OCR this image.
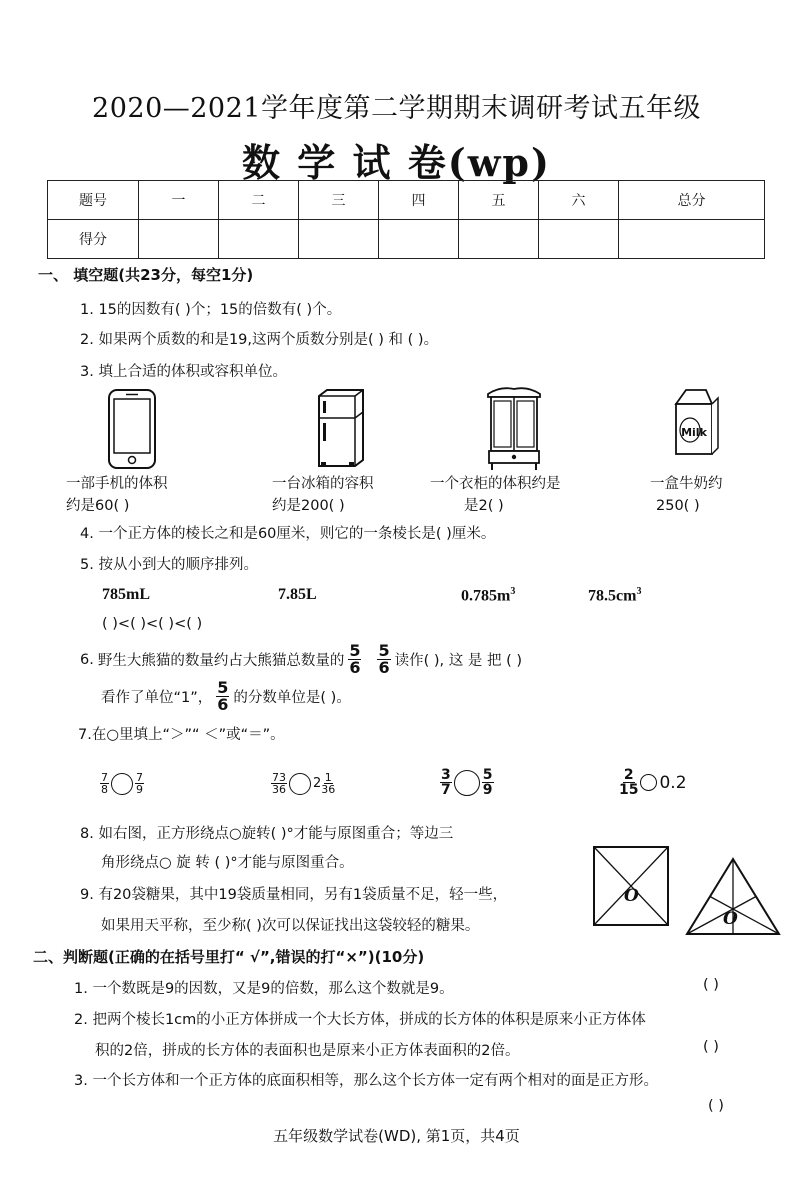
2020—2021学年度第二学期期末调研考试五年级
数 学 试 卷(wp)
题号	一	二	三	四	五	六	总分
得分							
一、 填空题(共23分，每空1分)
1. 15的因数有( )个；15的倍数有( )个。
2. 如果两个质数的和是19,这两个质数分别是( ) 和 ( )。
3. 填上合适的体积或容积单位。
Milk
一部手机的体积
约是60( )
一台冰箱的容积
约是200( )
一个衣柜的体积约是
是2( )
一盒牛奶约
250( )
4. 一个正方体的棱长之和是60厘米，则它的一条棱长是( )厘米。
5. 按从小到大的顺序排列。
785mL	7.85L	$0.785m^3$	$78.5cm^3$
( )<( )<( )<( )
6. 野生大熊猫的数量约占大熊猫总数量的 $\frac{5}{6} \frac{5}{6}$ 读作( ), 这 是 把 ( )
看作了单位“1”， $\frac{5}{6}$ 的分数单位是( )。
7.在○里填上“＞”“ ＜”或“＝”。
$\frac{7}{8} \frac{7}{9}$	$\frac{73}{36} 2 \frac{1}{36}$	$\frac{3}{7} \frac{5}{9}$	$\frac{2}{15} 0.2$
8. 如右图，正方形绕点○旋转( )°才能与原图重合；等边三
角形绕点○ 旋 转 ( )°才能与原图重合。
9. 有20袋糖果，其中19袋质量相同，另有1袋质量不足，轻一些，
如果用天平称，至少称( )次可以保证找出这袋较轻的糖果。
O
O
二、判断题(正确的在括号里打“ √”,错误的打“×”)(10分)
1. 一个数既是9的因数，又是9的倍数，那么这个数就是9。	( )
2. 把两个棱长1cm的小正方体拼成一个大长方体，拼成的长方体的体积是原来小正方体体
积的2倍，拼成的长方体的表面积也是原来小正方体表面积的2倍。	( )
3. 一个长方体和一个正方体的底面积相等，那么这个长方体一定有两个相对的面是正方形。
( )
五年级数学试卷(WD), 第1页，共4页
